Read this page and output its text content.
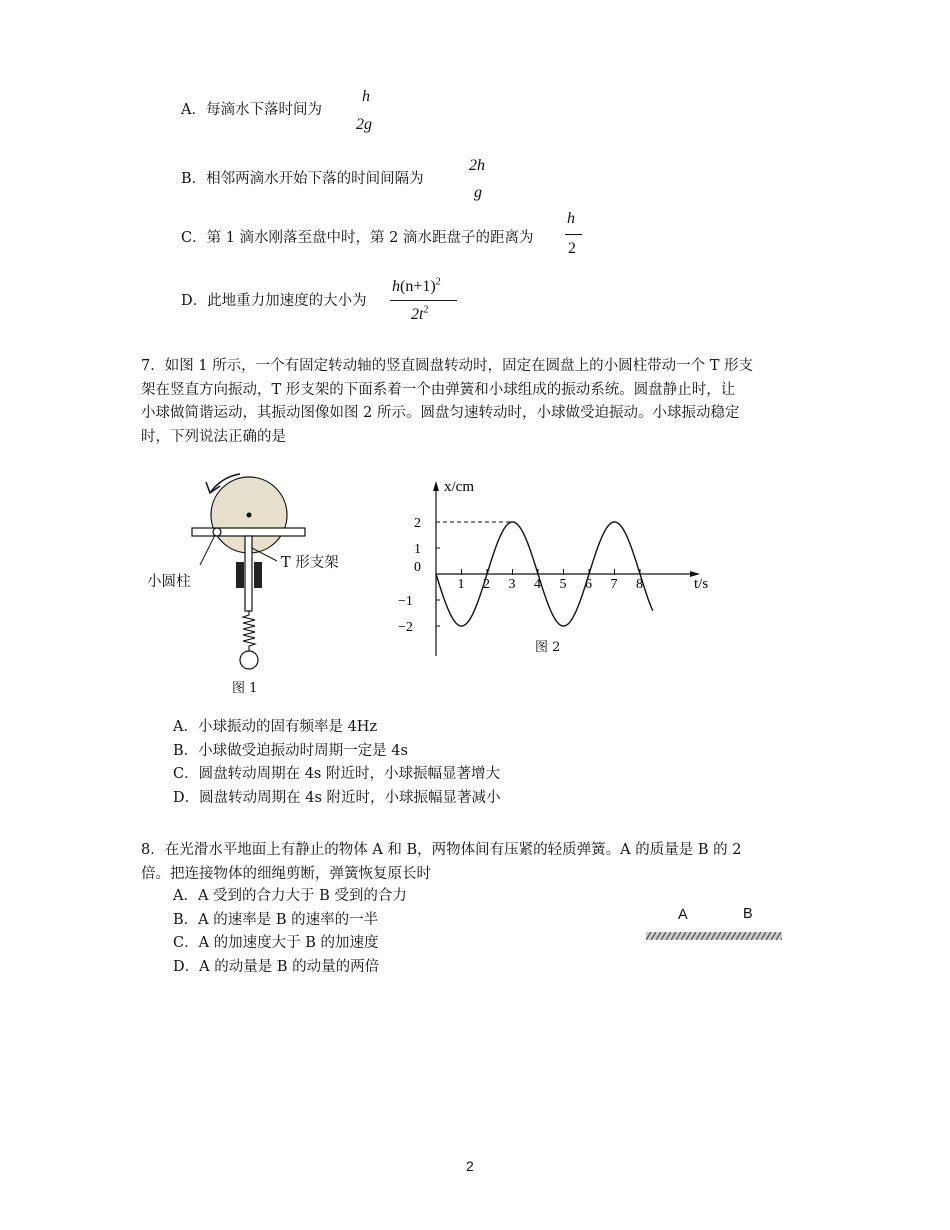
A．每滴水下落时间为
h
2g
B．相邻两滴水开始下落的时间间隔为
2h
g
C．第 1 滴水刚落至盘中时，第 2 滴水距盘子的距离为
h
2
D．此地重力加速度的大小为
$h(n+1)^2$
$2t^2$
7．如图 1 所示，一个有固定转动轴的竖直圆盘转动时，固定在圆盘上的小圆柱带动一个 T 形支
架在竖直方向振动，T 形支架的下面系着一个由弹簧和小球组成的振动系统。圆盘静止时，让
小球做简谐运动，其振动图像如图 2 所示。圆盘匀速转动时，小球做受迫振动。小球振动稳定
时，下列说法正确的是
小圆柱
T 形支架
图 1
1 2 3 4 5 6 7 8
2
1
0
−1
−2
x/cm
t/s
图 2
A．小球振动的固有频率是 4Hz
B．小球做受迫振动时周期一定是 4s
C．圆盘转动周期在 4s 附近时，小球振幅显著增大
D．圆盘转动周期在 4s 附近时，小球振幅显著减小
8．在光滑水平地面上有静止的物体 A 和 B，两物体间有压紧的轻质弹簧。A 的质量是 B 的 2
倍。把连接物体的细绳剪断，弹簧恢复原长时
A．A 受到的合力大于 B 受到的合力
B．A 的速率是 B 的速率的一半
C．A 的加速度大于 B 的加速度
D．A 的动量是 B 的动量的两倍
A	B
2
